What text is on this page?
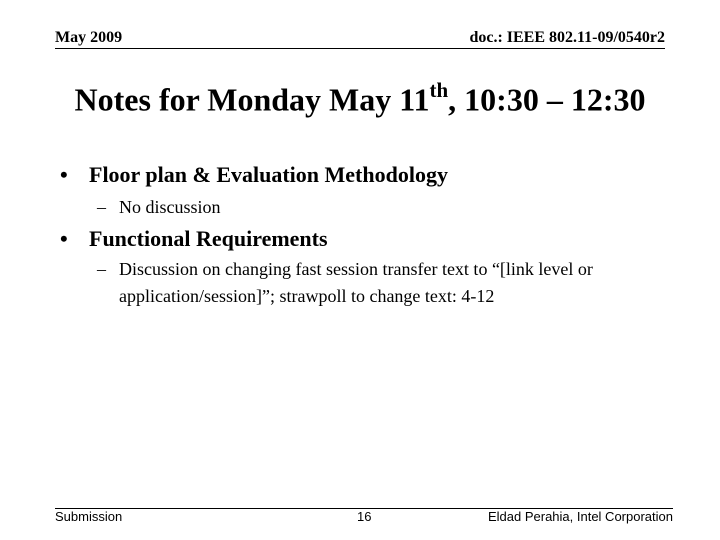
May 2009	doc.: IEEE 802.11-09/0540r2
Notes for Monday May 11th, 10:30 – 12:30
• Floor plan & Evaluation Methodology
– No discussion
• Functional Requirements
– Discussion on changing fast session transfer text to “[link level or application/session]”; strawpoll to change text: 4-12
Submission	16	Eldad Perahia, Intel Corporation
